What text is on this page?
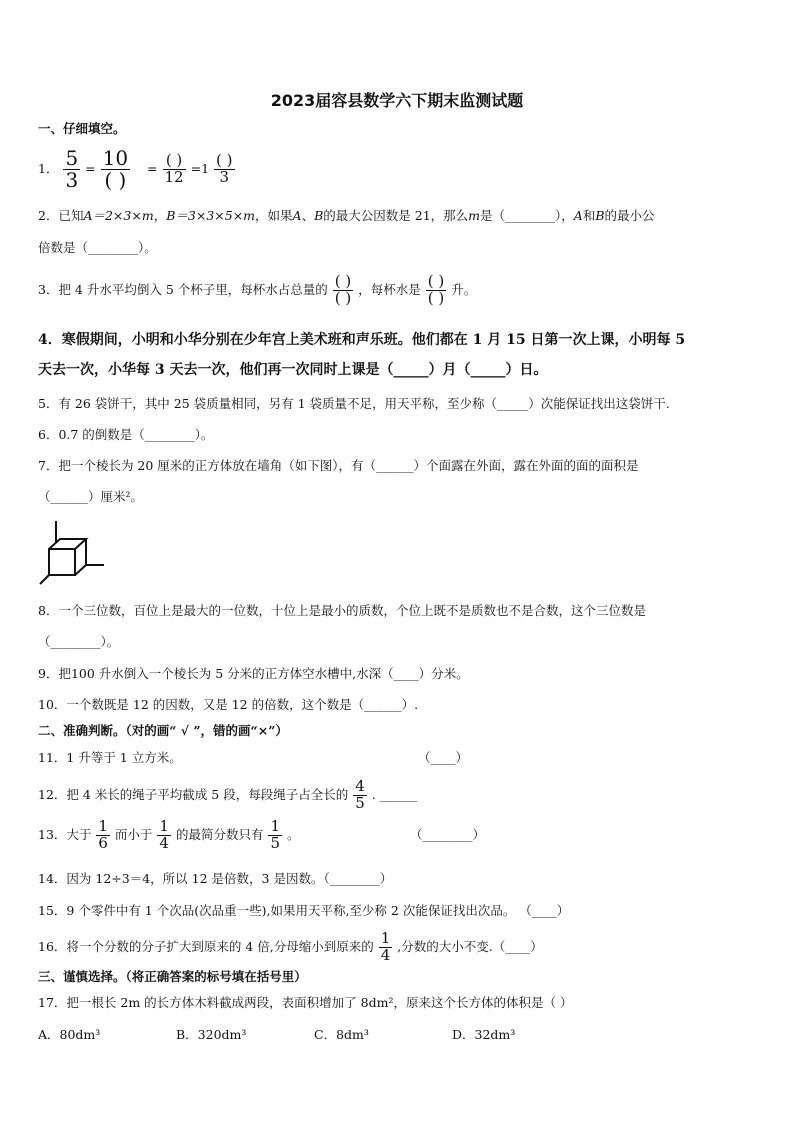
2023届容县数学六下期末监测试题
一、仔细填空。
1． $\frac{5}{3} = \frac{10}{( )} = \frac{( )}{12} =1 \frac{( )}{3}$
2．已知A＝2×3×m，B＝3×3×5×m，如果A、B的最大公因数是 21，那么m是（________），A和B的最小公
倍数是（________）。
3．把 4 升水平均倒入 5 个杯子里，每杯水占总量的 $\frac{( )}{( )}$ ，每杯水是 $\frac{( )}{( )}$ 升。
4．寒假期间，小明和小华分别在少年宫上美术班和声乐班。他们都在 1 月 15 日第一次上课，小明每 5
天去一次，小华每 3 天去一次，他们再一次同时上课是（_____）月（_____）日。
5．有 26 袋饼干，其中 25 袋质量相同，另有 1 袋质量不足，用天平称，至少称（_____）次能保证找出这袋饼干.
6．0.7 的倒数是（________）。
7．把一个棱长为 20 厘米的正方体放在墙角（如下图），有（______）个面露在外面，露在外面的面的面积是
（______）厘米²。
8．一个三位数，百位上是最大的一位数，十位上是最小的质数，个位上既不是质数也不是合数，这个三位数是
（________）。
9．把100 升水倒入一个棱长为 5 分米的正方体空水槽中,水深（____）分米。
10．一个数既是 12 的因数，又是 12 的倍数，这个数是（______）.
二、准确判断。（对的画“ √ ”，错的画“×”）
11．1 升等于 1 立方米。	（____）
12．把 4 米长的绳子平均截成 5 段，每段绳子占全长的 $\frac{4}{5}$ . ______
13．大于 $\frac{1}{6}$ 而小于 $\frac{1}{4}$ 的最简分数只有 $\frac{1}{5}$ 。	（________）
14．因为 12÷3＝4，所以 12 是倍数，3 是因数。（________）
15．9 个零件中有 1 个次品(次品重一些),如果用天平称,至少称 2 次能保证找出次品。 （____）
16．将一个分数的分子扩大到原来的 4 倍,分母缩小到原来的 $\frac{1}{4}$ ,分数的大小不变.（____）
三、谨慎选择。（将正确答案的标号填在括号里）
17．把一根长 2m 的长方体木料截成两段，表面积增加了 8dm²，原来这个长方体的体积是（ ）
A．80dm³	B．320dm³	C．8dm³	D．32dm³
